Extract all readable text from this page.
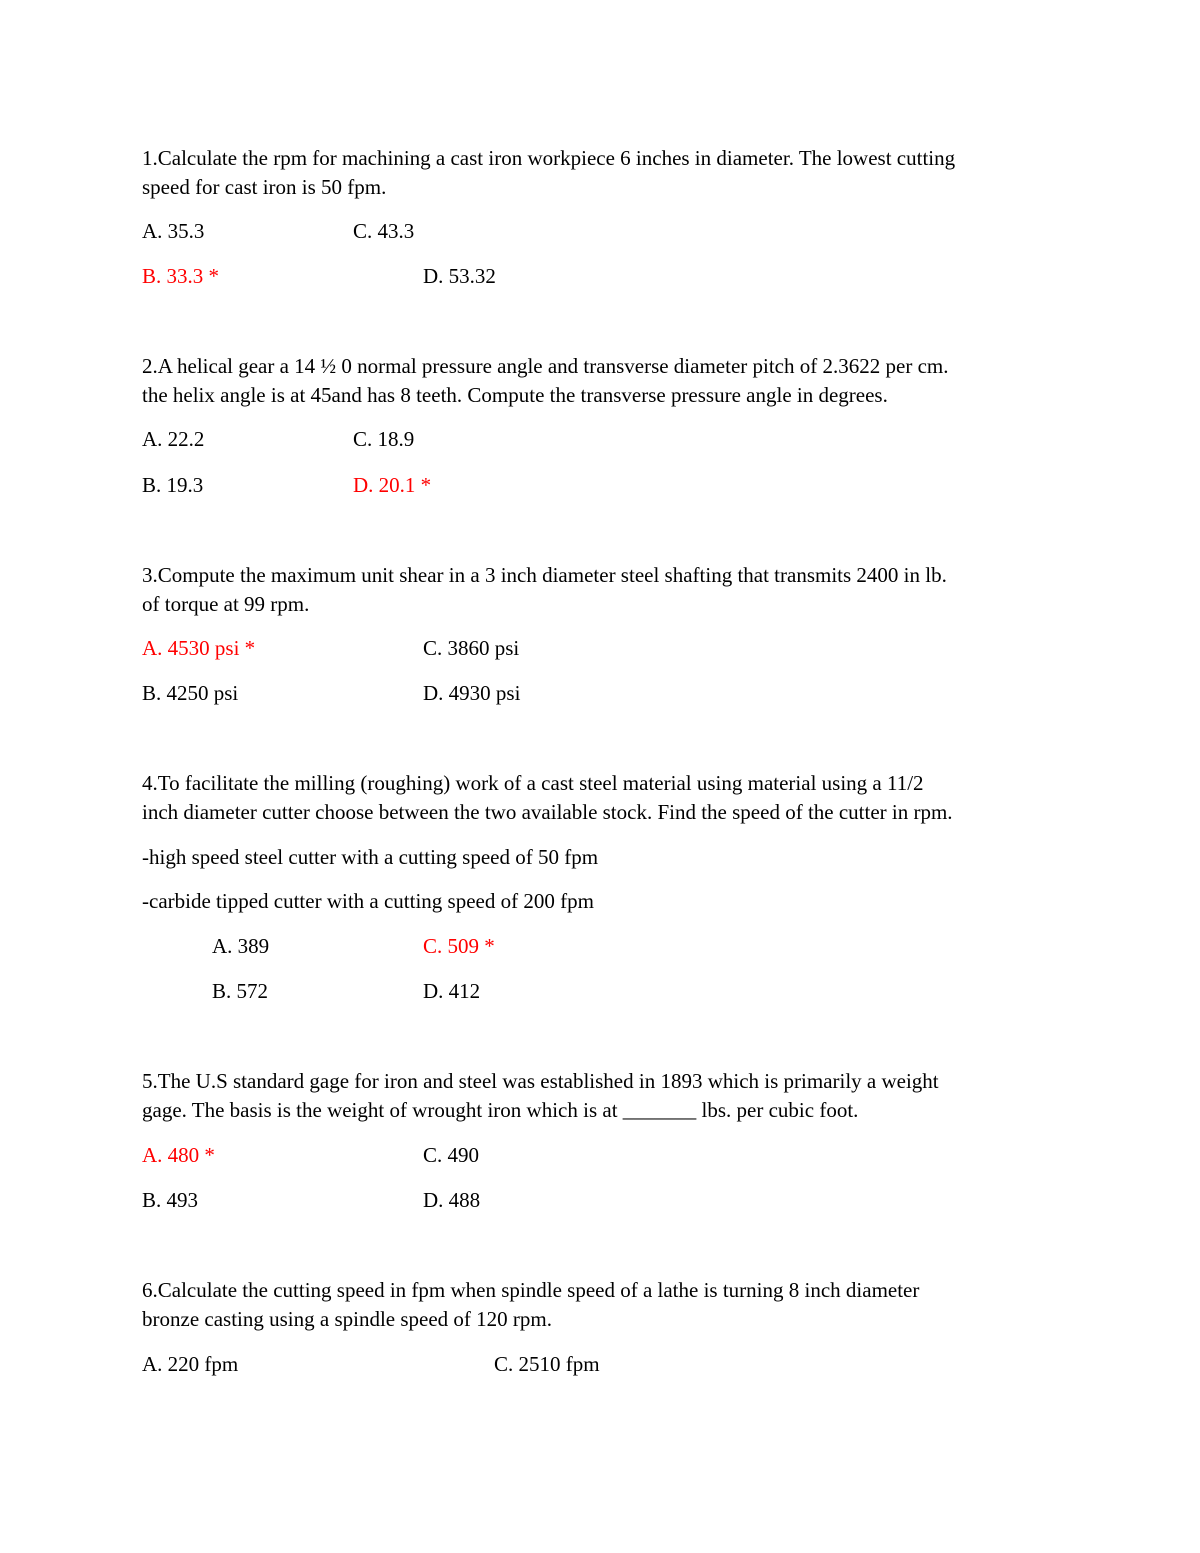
1.Calculate the rpm for machining a cast iron workpiece 6 inches in diameter. The lowest cutting
speed for cast iron is 50 fpm.
A. 35.3	C. 43.3
B. 33.3 *	D. 53.32
2.A helical gear a 14 ½ 0 normal pressure angle and transverse diameter pitch of 2.3622 per cm.
the helix angle is at 45and has 8 teeth. Compute the transverse pressure angle in degrees.
A. 22.2	C. 18.9
B. 19.3	D. 20.1 *
3.Compute the maximum unit shear in a 3 inch diameter steel shafting that transmits 2400 in lb.
of torque at 99 rpm.
A. 4530 psi *	C. 3860 psi
B. 4250 psi	D. 4930 psi
4.To facilitate the milling (roughing) work of a cast steel material using material using a 11/2
inch diameter cutter choose between the two available stock. Find the speed of the cutter in rpm.
-high speed steel cutter with a cutting speed of 50 fpm
-carbide tipped cutter with a cutting speed of 200 fpm
A. 389	C. 509 *
B. 572	D. 412
5.The U.S standard gage for iron and steel was established in 1893 which is primarily a weight
gage. The basis is the weight of wrought iron which is at _______ lbs. per cubic foot.
A. 480 *	C. 490
B. 493	D. 488
6.Calculate the cutting speed in fpm when spindle speed of a lathe is turning 8 inch diameter
bronze casting using a spindle speed of 120 rpm.
A. 220 fpm	C. 2510 fpm
